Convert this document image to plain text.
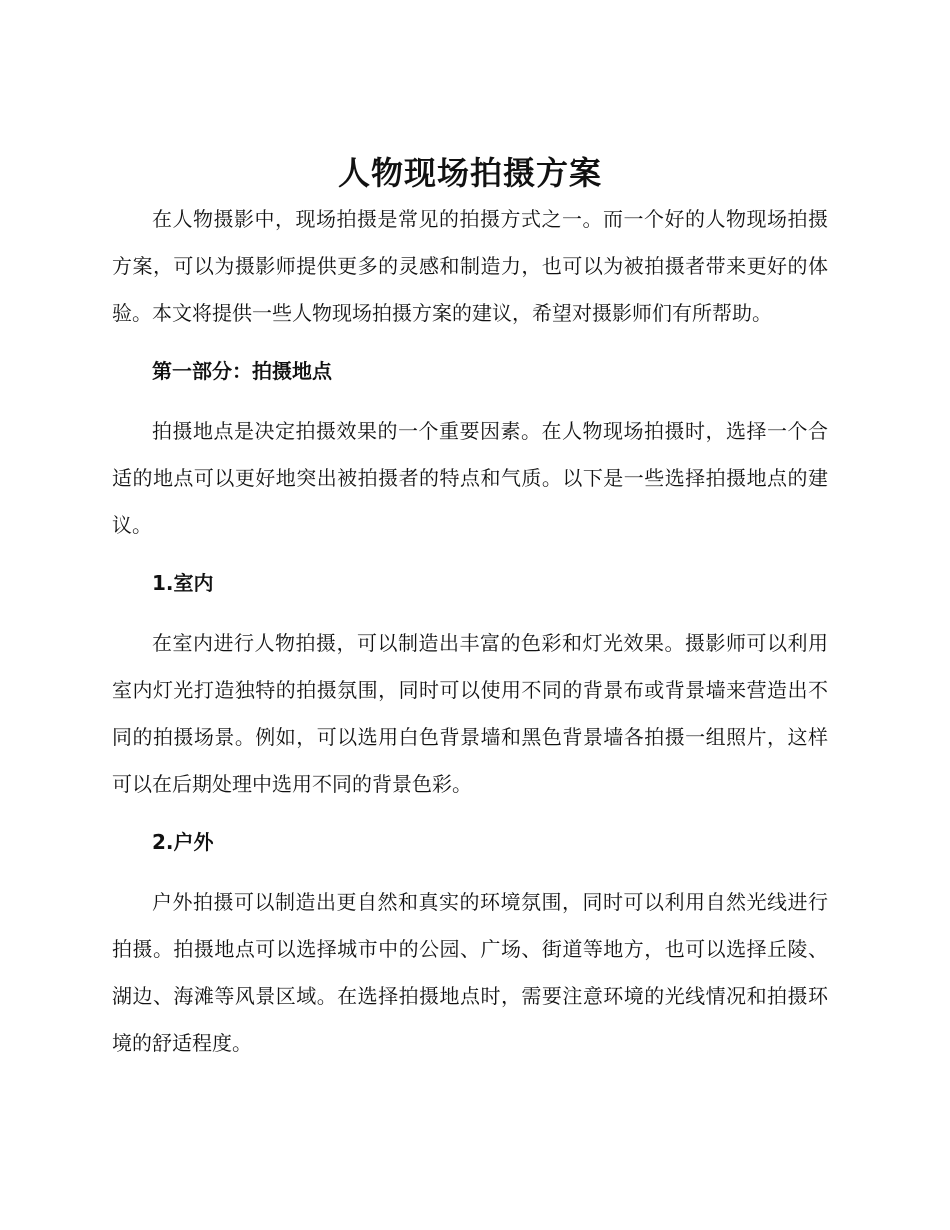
人物现场拍摄方案

在人物摄影中，现场拍摄是常见的拍摄方式之一。而一个好的人物现场拍摄方案，可以为摄影师提供更多的灵感和制造力，也可以为被拍摄者带来更好的体验。本文将提供一些人物现场拍摄方案的建议，希望对摄影师们有所帮助。

第一部分：拍摄地点

拍摄地点是决定拍摄效果的一个重要因素。在人物现场拍摄时，选择一个合适的地点可以更好地突出被拍摄者的特点和气质。以下是一些选择拍摄地点的建议。

1.室内

在室内进行人物拍摄，可以制造出丰富的色彩和灯光效果。摄影师可以利用室内灯光打造独特的拍摄氛围，同时可以使用不同的背景布或背景墙来营造出不同的拍摄场景。例如，可以选用白色背景墙和黑色背景墙各拍摄一组照片，这样可以在后期处理中选用不同的背景色彩。

2.户外

户外拍摄可以制造出更自然和真实的环境氛围，同时可以利用自然光线进行拍摄。拍摄地点可以选择城市中的公园、广场、街道等地方，也可以选择丘陵、湖边、海滩等风景区域。在选择拍摄地点时，需要注意环境的光线情况和拍摄环境的舒适程度。
